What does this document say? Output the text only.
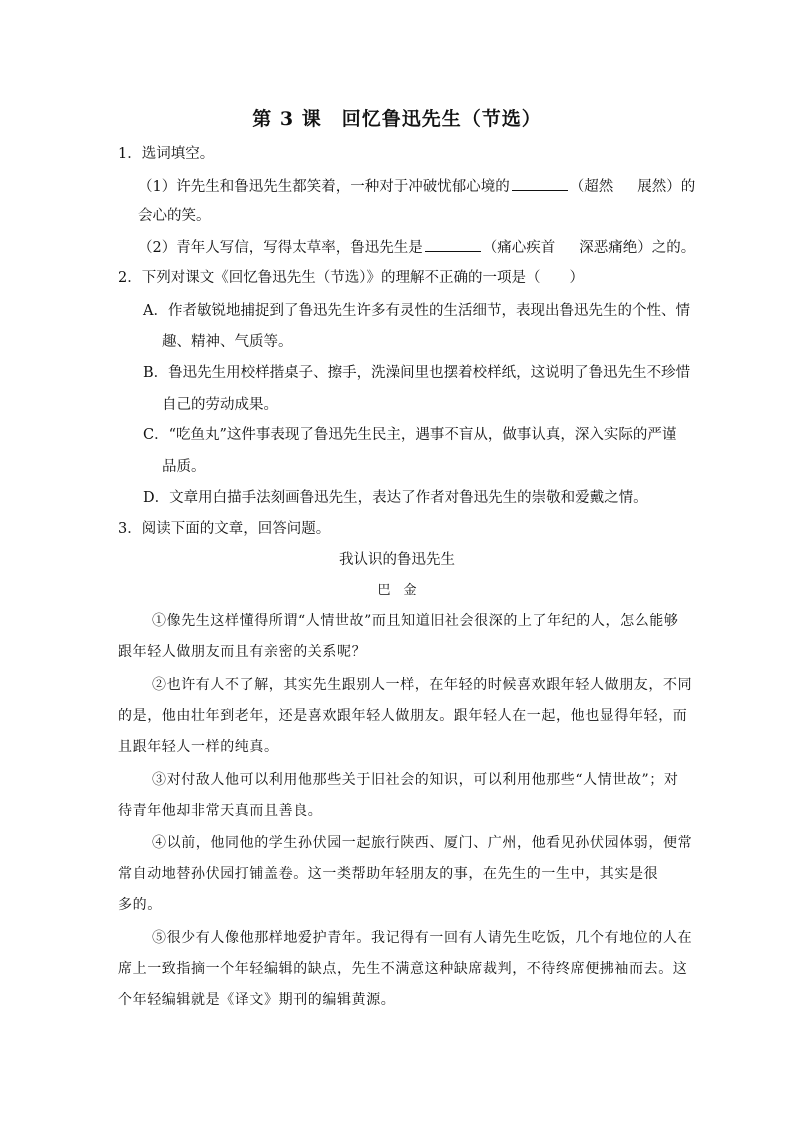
第 3 课　回忆鲁迅先生（节选）
1．选词填空。
（1）许先生和鲁迅先生都笑着，一种对于冲破忧郁心境的	（超然 展然）的
会心的笑。
（2）青年人写信，写得太草率，鲁迅先生是	（痛心疾首 深恶痛绝）之的。
2．下列对课文《回忆鲁迅先生（节选）》的理解不正确的一项是（　　）
A．作者敏锐地捕捉到了鲁迅先生许多有灵性的生活细节，表现出鲁迅先生的个性、情
趣、精神、气质等。
B．鲁迅先生用校样揩桌子、擦手，洗澡间里也摆着校样纸，这说明了鲁迅先生不珍惜
自己的劳动成果。
C．“吃鱼丸”这件事表现了鲁迅先生民主，遇事不盲从，做事认真，深入实际的严谨
品质。
D．文章用白描手法刻画鲁迅先生，表达了作者对鲁迅先生的崇敬和爱戴之情。
3．阅读下面的文章，回答问题。
我认识的鲁迅先生
巴　金
①像先生这样懂得所谓“人情世故”而且知道旧社会很深的上了年纪的人，怎么能够
跟年轻人做朋友而且有亲密的关系呢？
②也许有人不了解，其实先生跟别人一样，在年轻的时候喜欢跟年轻人做朋友，不同
的是，他由壮年到老年，还是喜欢跟年轻人做朋友。跟年轻人在一起，他也显得年轻，而
且跟年轻人一样的纯真。
③对付敌人他可以利用他那些关于旧社会的知识，可以利用他那些“人情世故”；对
待青年他却非常天真而且善良。
④以前，他同他的学生孙伏园一起旅行陕西、厦门、广州，他看见孙伏园体弱，便常
常自动地替孙伏园打铺盖卷。这一类帮助年轻朋友的事，在先生的一生中，其实是很
多的。
⑤很少有人像他那样地爱护青年。我记得有一回有人请先生吃饭，几个有地位的人在
席上一致指摘一个年轻编辑的缺点，先生不满意这种缺席裁判，不待终席便拂袖而去。这
个年轻编辑就是《译文》期刊的编辑黄源。
